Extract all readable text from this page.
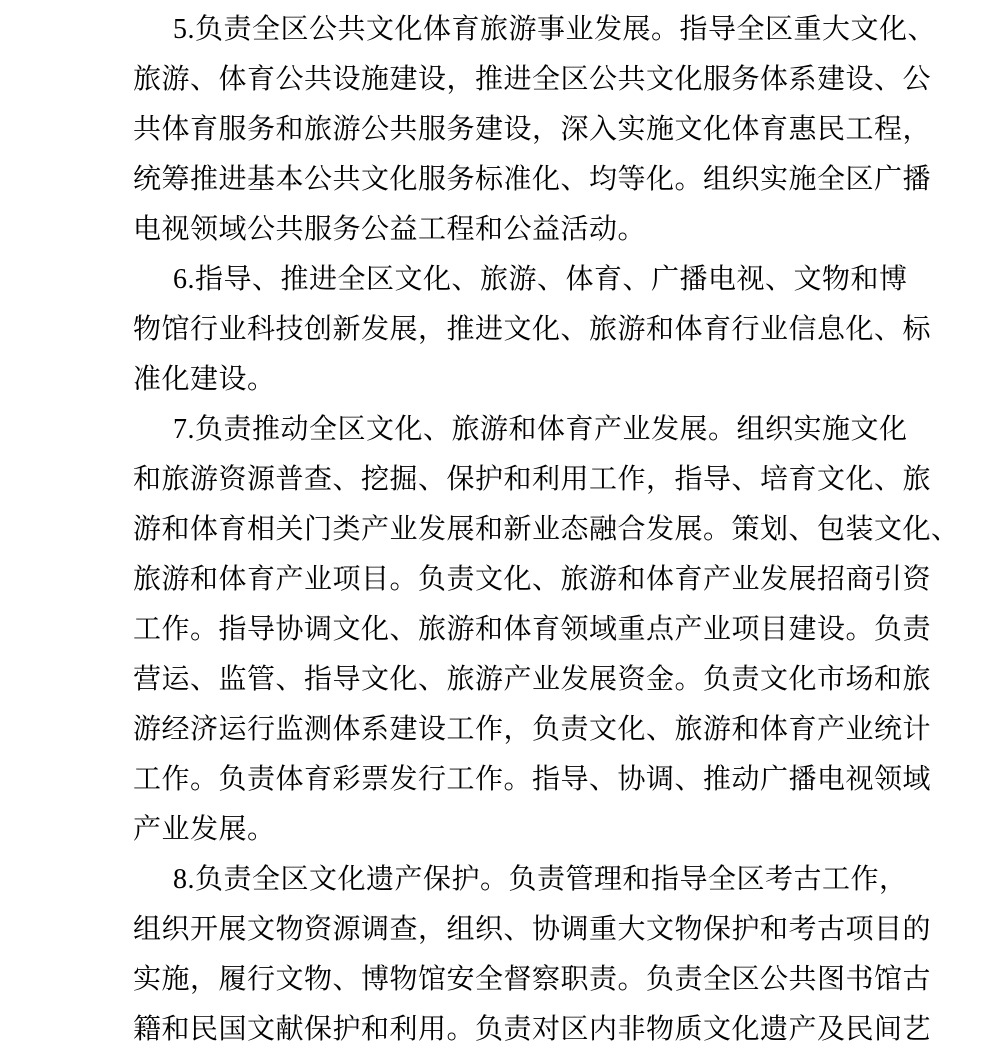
5.负责全区公共文化体育旅游事业发展。指导全区重大文化、
旅游、体育公共设施建设，推进全区公共文化服务体系建设、公
共体育服务和旅游公共服务建设，深入实施文化体育惠民工程，
统筹推进基本公共文化服务标准化、均等化。组织实施全区广播
电视领域公共服务公益工程和公益活动。

6.指导、推进全区文化、旅游、体育、广播电视、文物和博
物馆行业科技创新发展，推进文化、旅游和体育行业信息化、标
准化建设。

7.负责推动全区文化、旅游和体育产业发展。组织实施文化
和旅游资源普查、挖掘、保护和利用工作，指导、培育文化、旅
游和体育相关门类产业发展和新业态融合发展。策划、包装文化、
旅游和体育产业项目。负责文化、旅游和体育产业发展招商引资
工作。指导协调文化、旅游和体育领域重点产业项目建设。负责
营运、监管、指导文化、旅游产业发展资金。负责文化市场和旅
游经济运行监测体系建设工作，负责文化、旅游和体育产业统计
工作。负责体育彩票发行工作。指导、协调、推动广播电视领域
产业发展。

8.负责全区文化遗产保护。负责管理和指导全区考古工作，
组织开展文物资源调查，组织、协调重大文物保护和考古项目的
实施，履行文物、博物馆安全督察职责。负责全区公共图书馆古
籍和民国文献保护和利用。负责对区内非物质文化遗产及民间艺
